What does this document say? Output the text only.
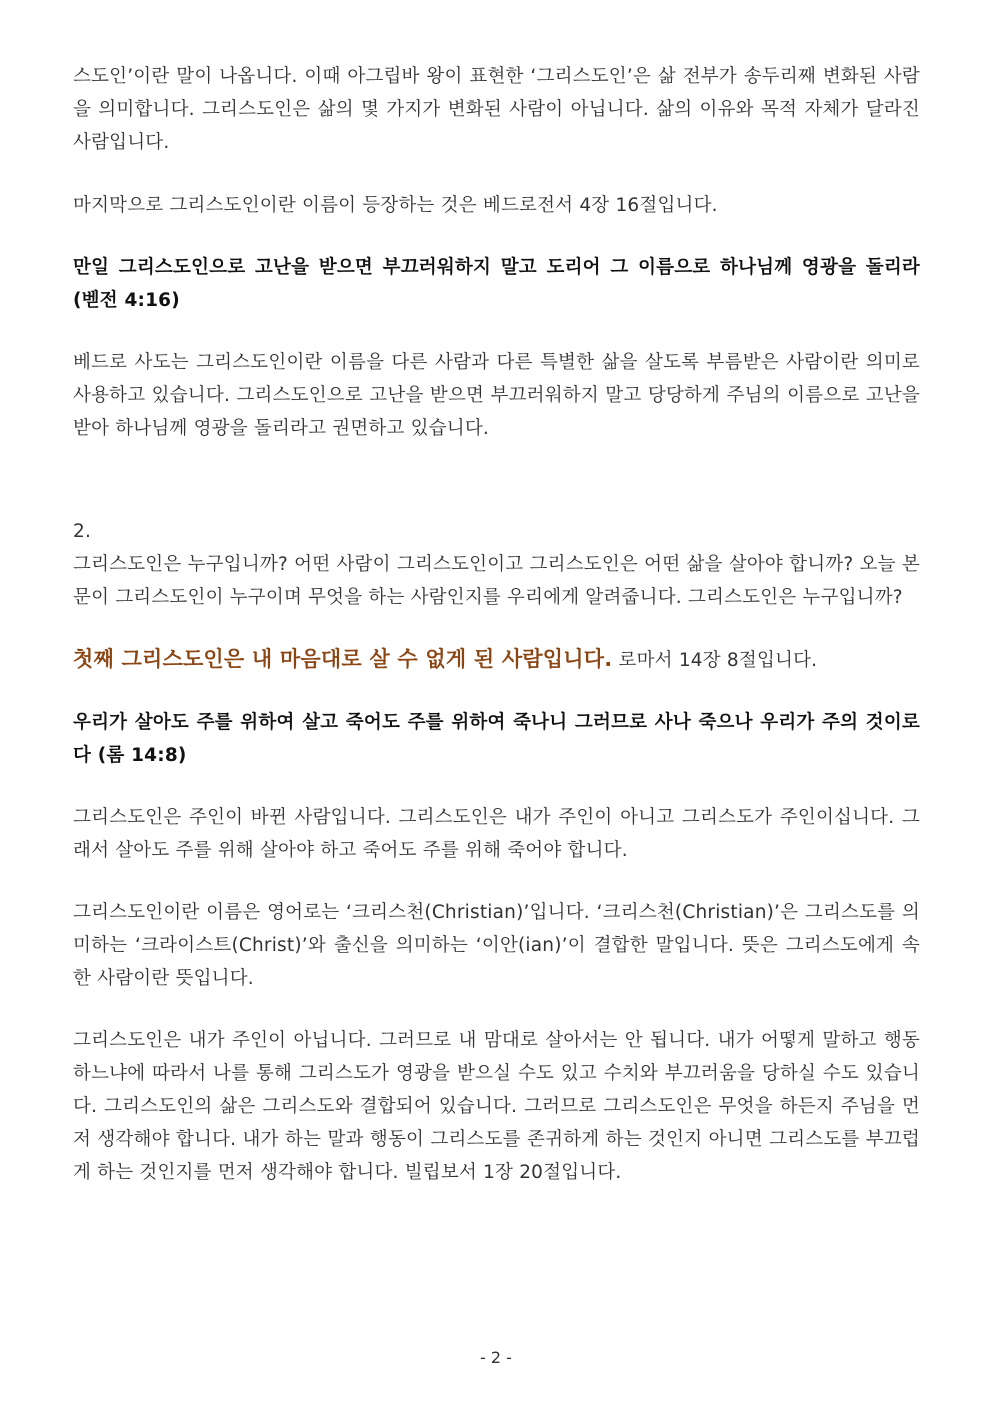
스도인’이란 말이 나옵니다. 이때 아그립바 왕이 표현한 ‘그리스도인’은 삶 전부가 송두리째 변화된 사람을 의미합니다. 그리스도인은 삶의 몇 가지가 변화된 사람이 아닙니다. 삶의 이유와 목적 자체가 달라진 사람입니다.

마지막으로 그리스도인이란 이름이 등장하는 것은 베드로전서 4장 16절입니다.

만일 그리스도인으로 고난을 받으면 부끄러워하지 말고 도리어 그 이름으로 하나님께 영광을 돌리라 (벧전 4:16)

베드로 사도는 그리스도인이란 이름을 다른 사람과 다른 특별한 삶을 살도록 부름받은 사람이란 의미로 사용하고 있습니다. 그리스도인으로 고난을 받으면 부끄러워하지 말고 당당하게 주님의 이름으로 고난을 받아 하나님께 영광을 돌리라고 권면하고 있습니다.

2.

그리스도인은 누구입니까? 어떤 사람이 그리스도인이고 그리스도인은 어떤 삶을 살아야 합니까? 오늘 본문이 그리스도인이 누구이며 무엇을 하는 사람인지를 우리에게 알려줍니다. 그리스도인은 누구입니까?

첫째 그리스도인은 내 마음대로 살 수 없게 된 사람입니다. 로마서 14장 8절입니다.

우리가 살아도 주를 위하여 살고 죽어도 주를 위하여 죽나니 그러므로 사나 죽으나 우리가 주의 것이로다 (롬 14:8)

그리스도인은 주인이 바뀐 사람입니다. 그리스도인은 내가 주인이 아니고 그리스도가 주인이십니다. 그래서 살아도 주를 위해 살아야 하고 죽어도 주를 위해 죽어야 합니다.

그리스도인이란 이름은 영어로는 ‘크리스천(Christian)’입니다. ‘크리스천(Christian)’은 그리스도를 의미하는 ‘크라이스트(Christ)’와 출신을 의미하는 ‘이안(ian)’이 결합한 말입니다. 뜻은 그리스도에게 속한 사람이란 뜻입니다.

그리스도인은 내가 주인이 아닙니다. 그러므로 내 맘대로 살아서는 안 됩니다. 내가 어떻게 말하고 행동하느냐에 따라서 나를 통해 그리스도가 영광을 받으실 수도 있고 수치와 부끄러움을 당하실 수도 있습니다. 그리스도인의 삶은 그리스도와 결합되어 있습니다. 그러므로 그리스도인은 무엇을 하든지 주님을 먼저 생각해야 합니다. 내가 하는 말과 행동이 그리스도를 존귀하게 하는 것인지 아니면 그리스도를 부끄럽게 하는 것인지를 먼저 생각해야 합니다. 빌립보서 1장 20절입니다.

- 2 -
